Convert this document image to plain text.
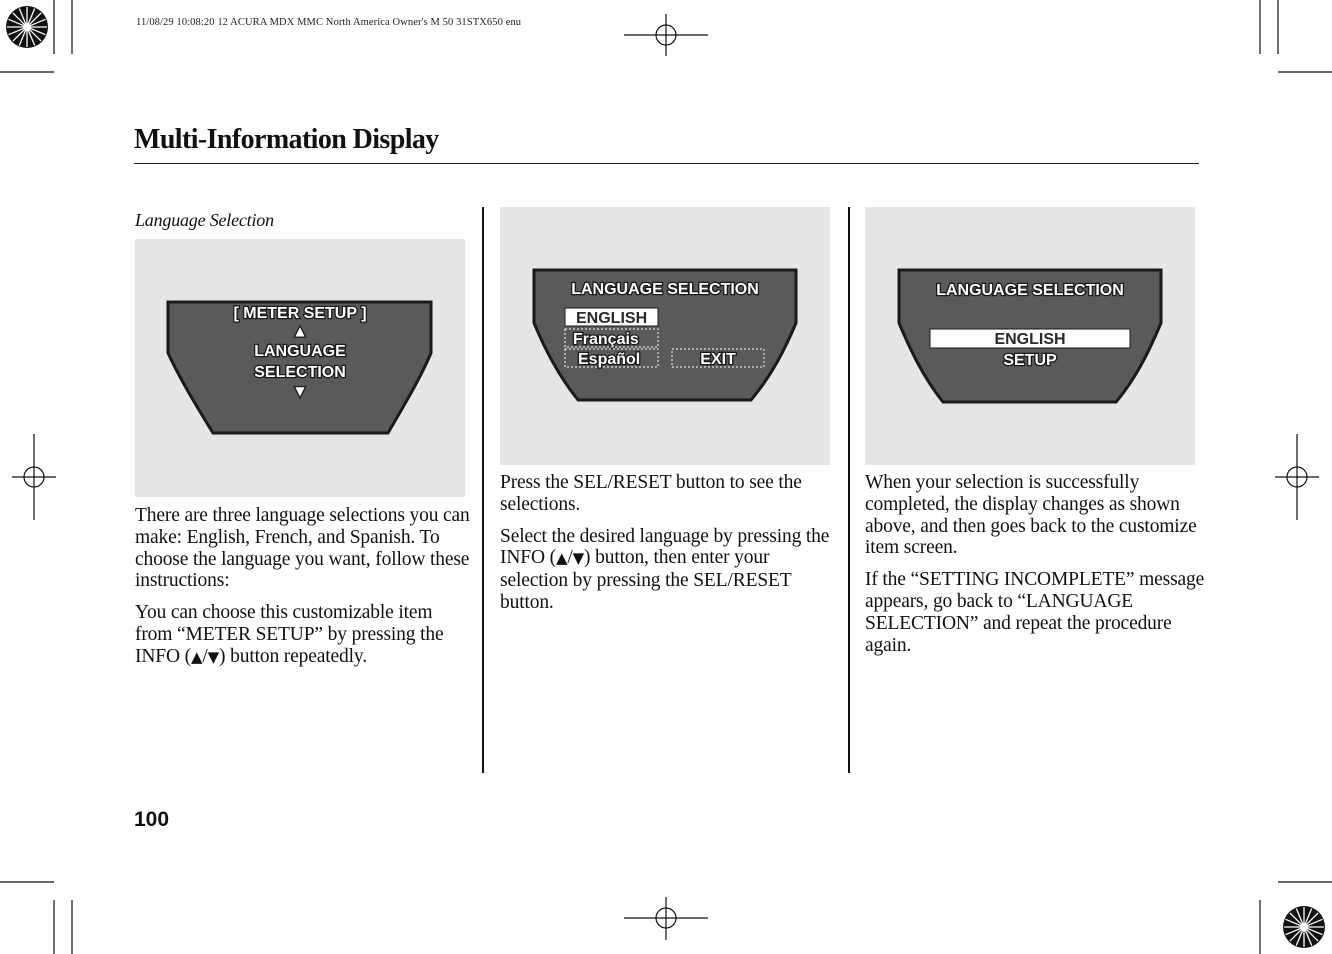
11/08/29 10:08:20 12 ACURA MDX MMC North America Owner's M 50 31STX650 enu
Multi-Information Display
Language Selection
[ METER SETUP ]
▲
LANGUAGE
SELECTION
▼

There are three language selections you can make: English, French, and Spanish. To choose the language you want, follow these instructions:

You can choose this customizable item from “METER SETUP” by pressing the INFO (▲/▼) button repeatedly.

LANGUAGE SELECTION
ENGLISH
Français
Español	EXIT

Press the SEL/RESET button to see the selections.

Select the desired language by pressing the INFO (▲/▼) button, then enter your selection by pressing the SEL/RESET button.

LANGUAGE SELECTION
ENGLISH
SETUP

When your selection is successfully completed, the display changes as shown above, and then goes back to the customize item screen.

If the “SETTING INCOMPLETE” message appears, go back to “LANGUAGE SELECTION” and repeat the procedure again.

100
